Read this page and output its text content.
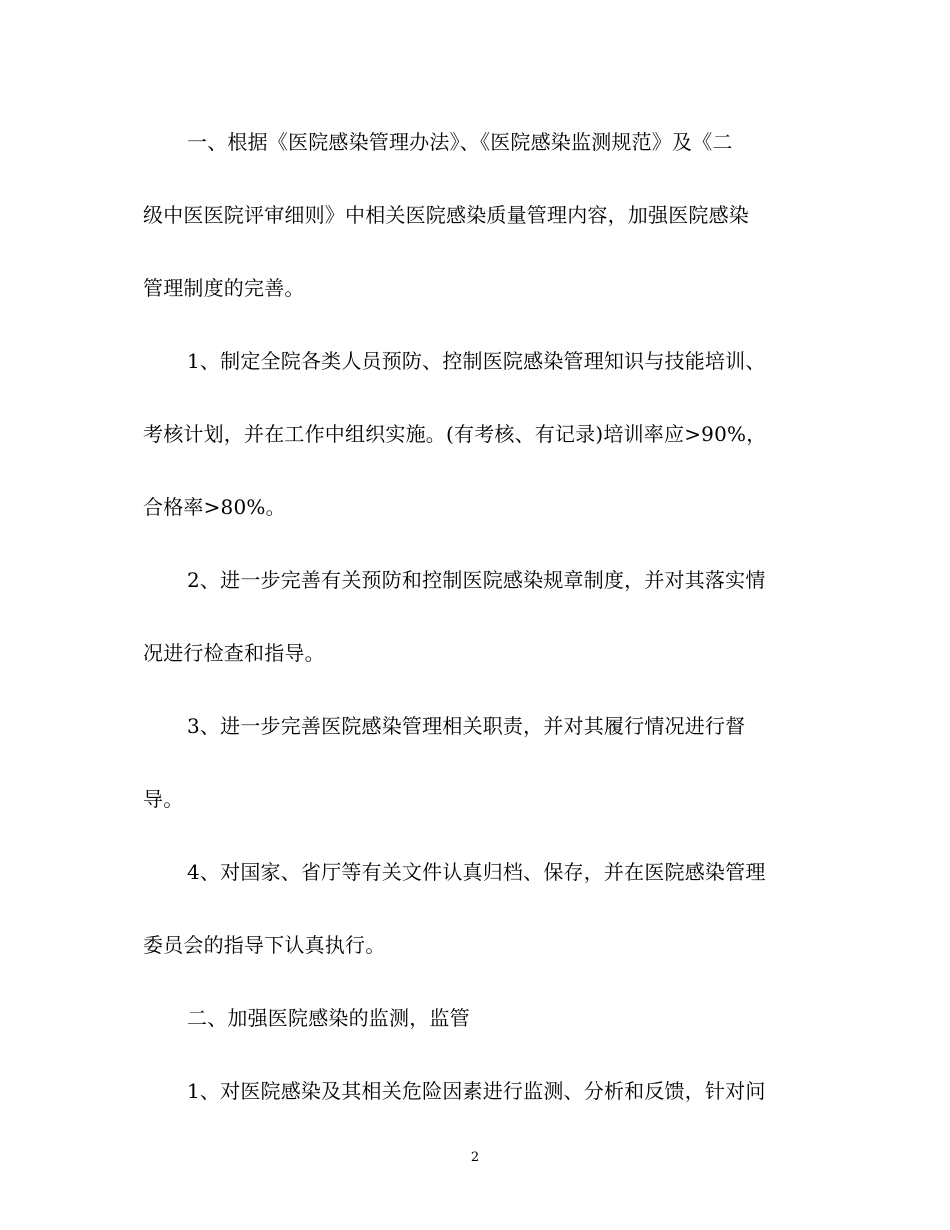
一、根据《医院感染管理办法》、《医院感染监测规范》及《二
级中医医院评审细则》中相关医院感染质量管理内容，加强医院感染
管理制度的完善。
1、制定全院各类人员预防、控制医院感染管理知识与技能培训、
考核计划，并在工作中组织实施。(有考核、有记录)培训率应>90%，
合格率>80%。
2、进一步完善有关预防和控制医院感染规章制度，并对其落实情
况进行检查和指导。
3、进一步完善医院感染管理相关职责，并对其履行情况进行督
导。
4、对国家、省厅等有关文件认真归档、保存，并在医院感染管理
委员会的指导下认真执行。
二、加强医院感染的监测，监管
1、对医院感染及其相关危险因素进行监测、分析和反馈，针对问
2
